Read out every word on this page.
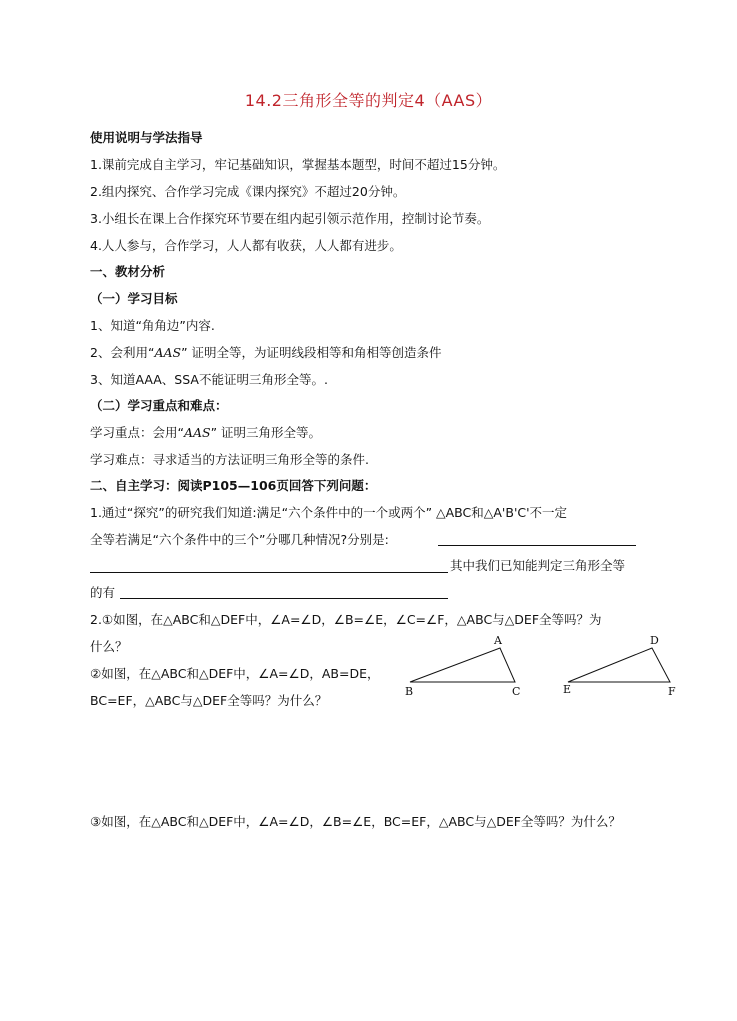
14.2三角形全等的判定4（AAS）
使用说明与学法指导
1.课前完成自主学习，牢记基础知识，掌握基本题型，时间不超过15分钟。
2.组内探究、合作学习完成《课内探究》不超过20分钟。
3.小组长在课上合作探究环节要在组内起引领示范作用，控制讨论节奏。
4.人人参与，合作学习，人人都有收获，人人都有进步。
一、教材分析
（一）学习目标
1、知道“角角边”内容.
2、会利用“AAS” 证明全等，为证明线段相等和角相等创造条件
3、知道AAA、SSA不能证明三角形全等。.
（二）学习重点和难点：
学习重点：会用“AAS” 证明三角形全等。
学习难点：寻求适当的方法证明三角形全等的条件.
二、自主学习：阅读P105—106页回答下列问题：
1.通过“探究”的研究我们知道:满足“六个条件中的一个或两个” △ABC和△A'B'C'不一定
全等若满足“六个条件中的三个”分哪几种情况?分别是:
其中我们已知能判定三角形全等
的有
2.①如图，在△ABC和△DEF中，∠A=∠D，∠B=∠E，∠C=∠F，△ABC与△DEF全等吗？为
什么？
②如图，在△ABC和△DEF中，∠A=∠D，AB=DE，
BC=EF，△ABC与△DEF全等吗？为什么？
A
B	C
D
E	F
③如图，在△ABC和△DEF中，∠A=∠D，∠B=∠E，BC=EF，△ABC与△DEF全等吗？为什么？
